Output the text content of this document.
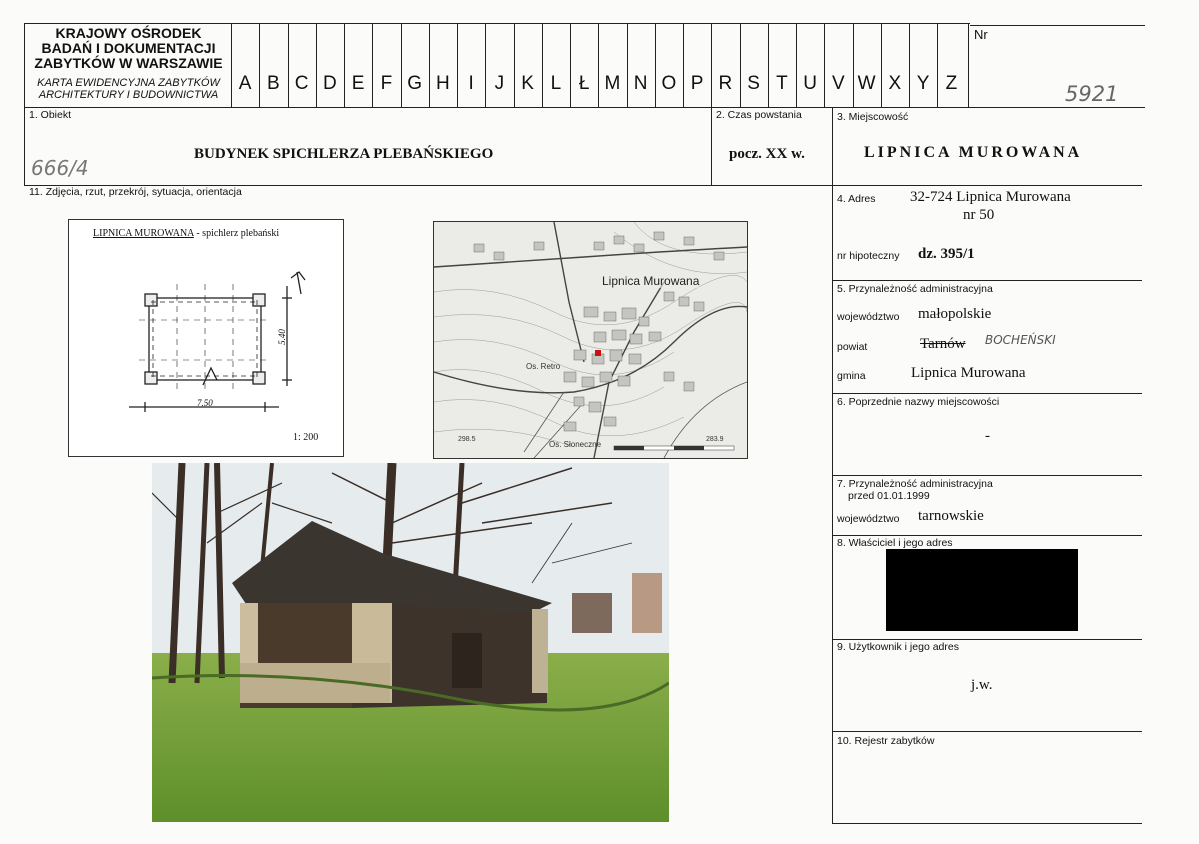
KRAJOWY OŚRODEK
BADAŃ I DOKUMENTACJI
ZABYTKÓW W WARSZAWIE
KARTA EWIDENCYJNA ZABYTKÓW
ARCHITEKTURY I BUDOWNICTWA
A B C D E F G H I	J K L Ł M N O P R S T U V W X Y Z
Nr
5921
1. Obiekt
BUDYNEK SPICHLERZA PLEBAŃSKIEGO
666/4
2. Czas powstania
pocz. XX w.
3. Miejscowość
LIPNICA MUROWANA
11. Zdjęcia, rzut, przekrój, sytuacja, orientacja
4. Adres 32-724 Lipnica Murowana
nr 50
nr hipoteczny dz. 395/1
5. Przynależność administracyjna
województwo małopolskie
powiat	Tarnów BOCHEŃSKI
gmina	Lipnica Murowana
6. Poprzednie nazwy miejscowości
-
7. Przynależność administracyjna
przed 01.01.1999
województwo tarnowskie
8. Właściciel i jego adres
9. Użytkownik i jego adres
j.w.
10. Rejestr zabytków
LIPNICA MUROWANA - spichlerz plebański
7.50
5.40
1: 200
Lipnica Murowana
Os. Retro
Os. Słoneczne
298.5	283.9
